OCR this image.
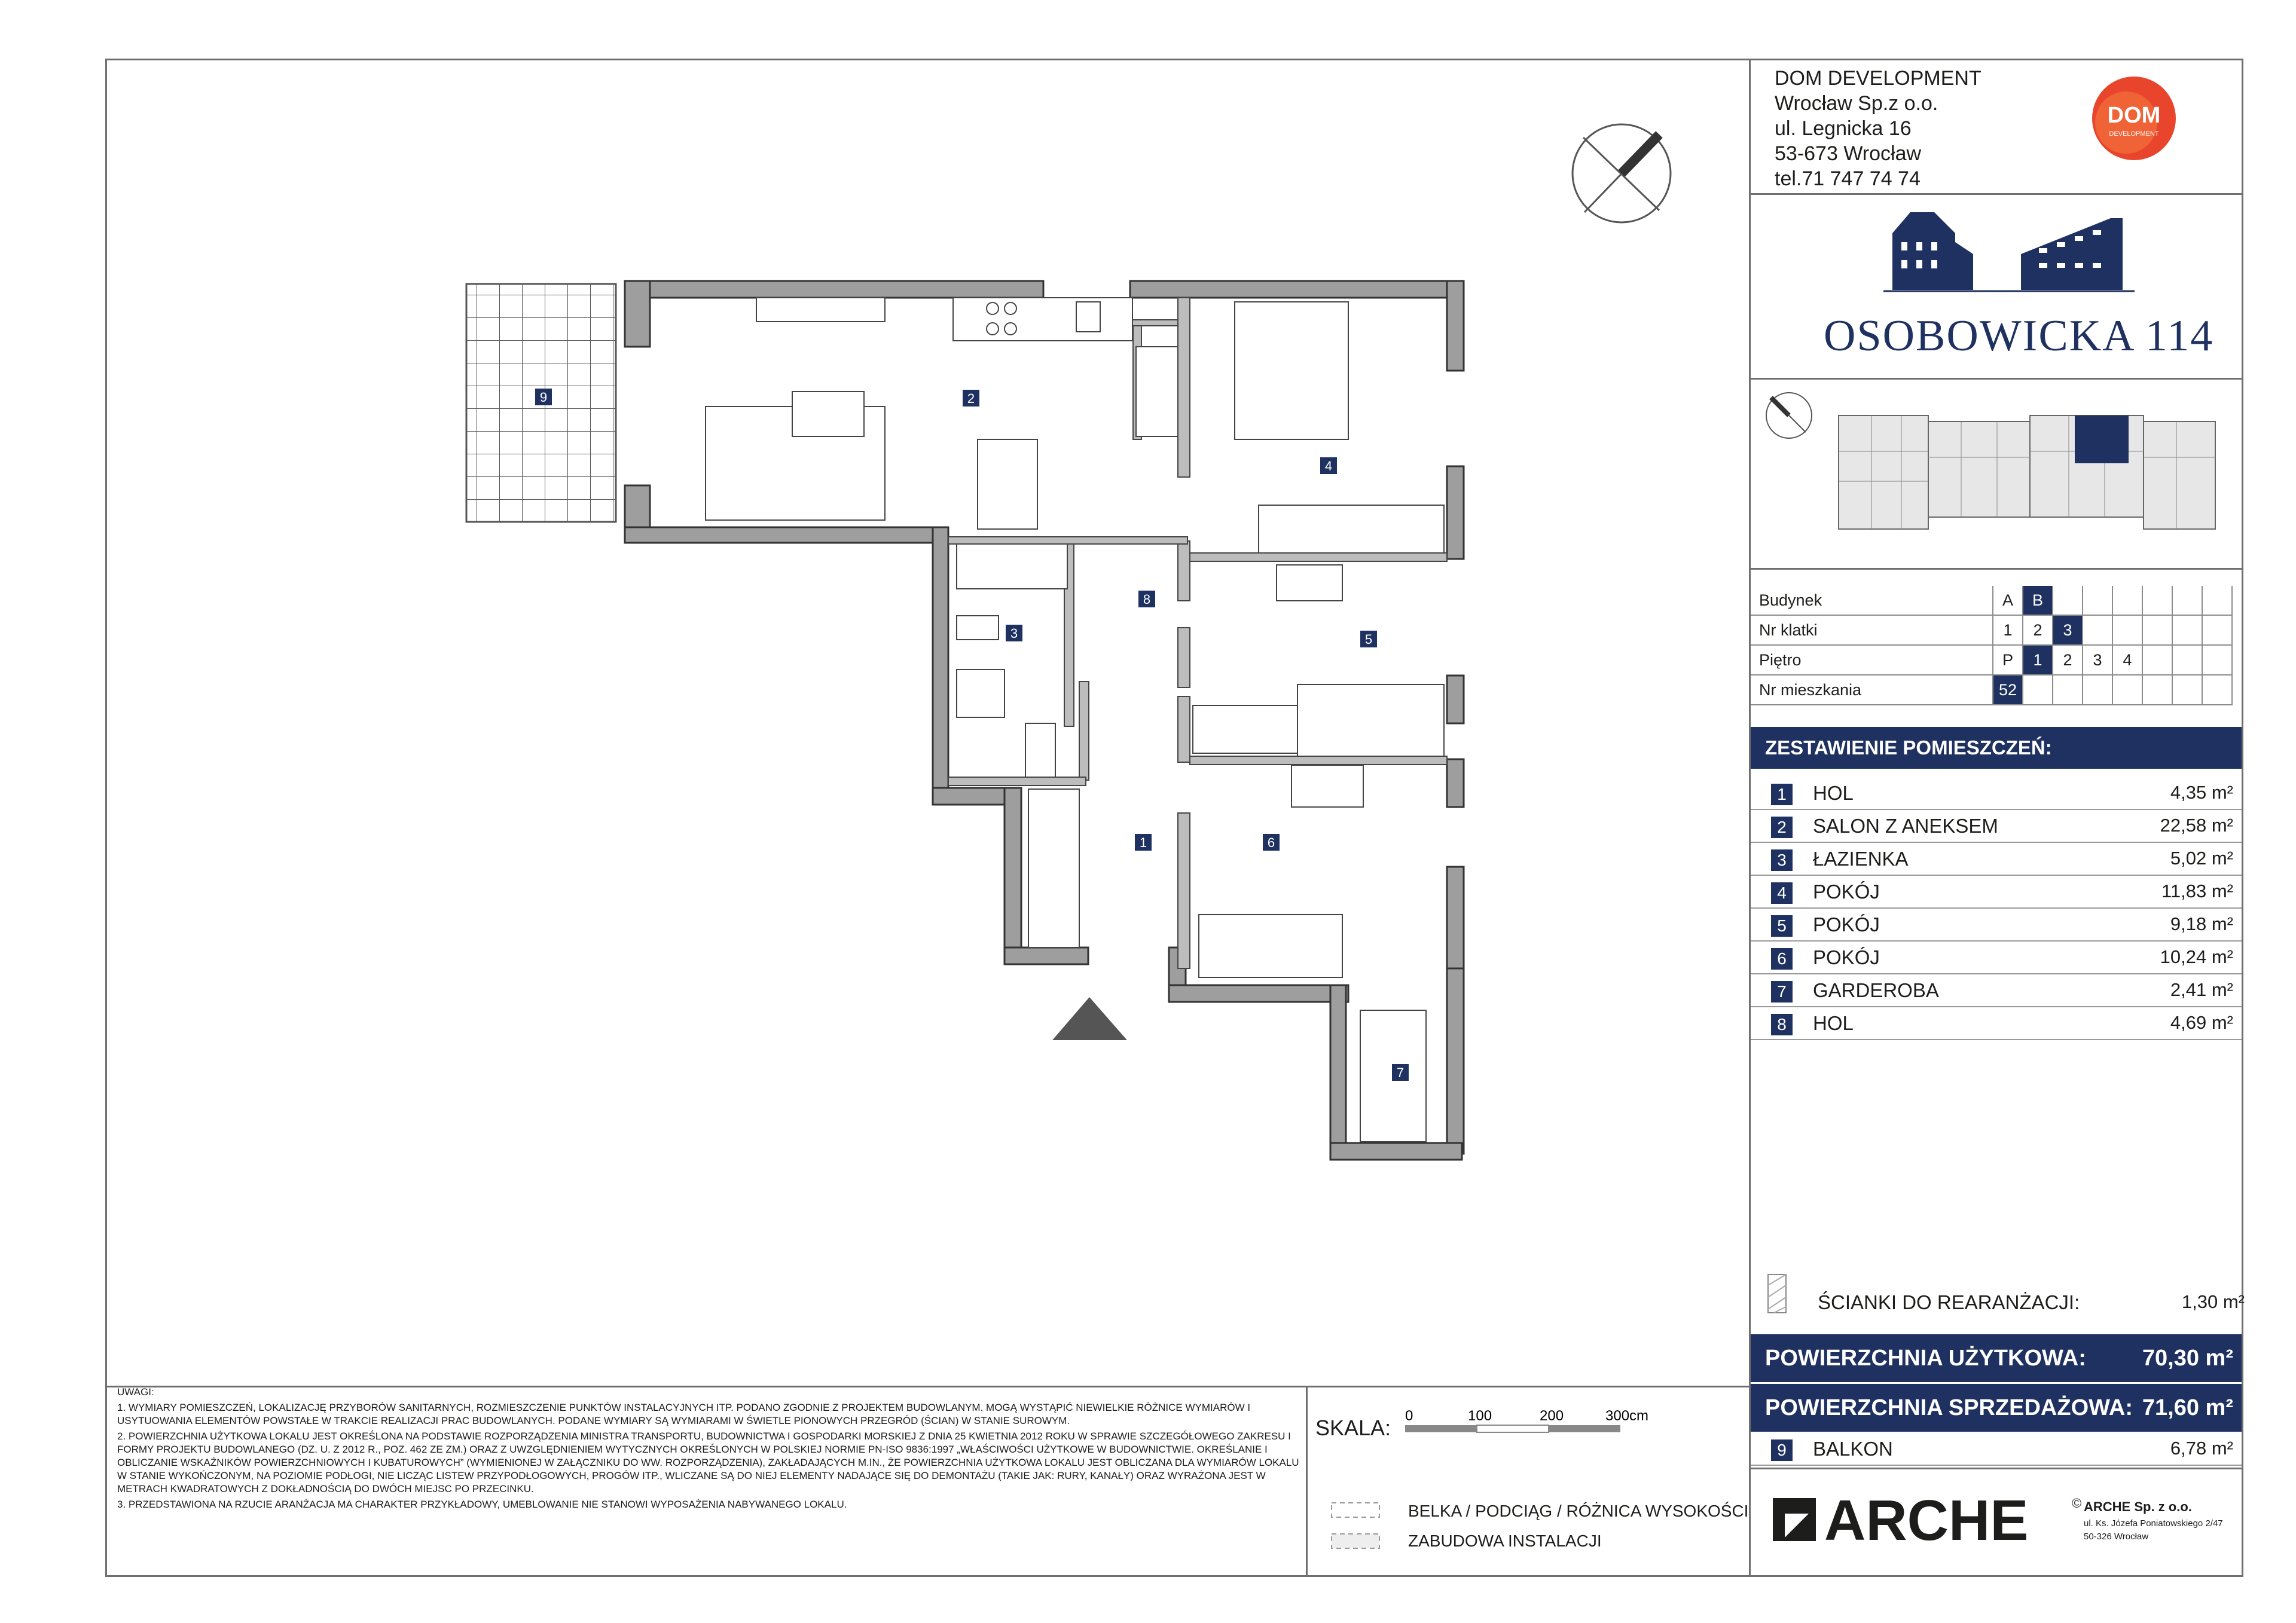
9	2
3
4
8
5
1	6
7
DOM DEVELOPMENT
Wrocław Sp.z o.o.
ul. Legnicka 16
53-673 Wrocław
tel.71 747 74 74
DOM
DEVELOPMENT
OSOBOWICKA 114
Budynek	A	B						
Nr klatki	1	2	3					
Piętro	P	1	2	3	4			
Nr mieszkania	52							
ZESTAWIENIE POMIESZCZEŃ:
1	HOL	4,35 m²
2	SALON Z ANEKSEM	22,58 m²
3	ŁAZIENKA	5,02 m²
4	POKÓJ	11,83 m²
5	POKÓJ	9,18 m²
6	POKÓJ	10,24 m²
7	GARDEROBA	2,41 m²
8	HOL	4,69 m²
ŚCIANKI DO REARANŻACJI:	1,30 m²
POWIERZCHNIA UŻYTKOWA: 70,30 m²
POWIERZCHNIA SPRZEDAŻOWA: 71,60 m²
9	BALKON	6,78 m²

UWAGI:

1. WYMIARY POMIESZCZEŃ, LOKALIZACJĘ PRZYBORÓW SANITARNYCH, ROZMIESZCZENIE PUNKTÓW INSTALACYJNYCH ITP. PODANO ZGODNIE Z PROJEKTEM BUDOWLANYM. MOGĄ WYSTĄPIĆ NIEWIELKIE RÓŻNICE WYMIARÓW I USYTUOWANIA ELEMENTÓW POWSTAŁE W TRAKCIE REALIZACJI PRAC BUDOWLANYCH. PODANE WYMIARY SĄ WYMIARAMI W ŚWIETLE PIONOWYCH PRZEGRÓD (ŚCIAN) W STANIE SUROWYM.

2. POWIERZCHNIA UŻYTKOWA LOKALU JEST OKREŚLONA NA PODSTAWIE ROZPORZĄDZENIA MINISTRA TRANSPORTU, BUDOWNICTWA I GOSPODARKI MORSKIEJ Z DNIA 25 KWIETNIA 2012 ROKU W SPRAWIE SZCZEGÓŁOWEGO ZAKRESU I FORMY PROJEKTU BUDOWLANEGO (DZ. U. Z 2012 R., POZ. 462 ZE ZM.) ORAZ Z UWZGLĘDNIENIEM WYTYCZNYCH OKREŚLONYCH W POLSKIEJ NORMIE PN-ISO 9836:1997 „WŁAŚCIWOŚCI UŻYTKOWE W BUDOWNICTWIE. OKREŚLANIE I OBLICZANIE WSKAŹNIKÓW POWIERZCHNIOWYCH I KUBATUROWYCH” (WYMIENIONEJ W ZAŁĄCZNIKU DO WW. ROZPORZĄDZENIA), ZAKŁADAJĄCYCH M.IN., ŻE POWIERZCHNIA UŻYTKOWA LOKALU JEST OBLICZANA DLA WYMIARÓW LOKALU W STANIE WYKOŃCZONYM, NA POZIOMIE PODŁOGI, NIE LICZĄC LISTEW PRZYPODŁOGOWYCH, PROGÓW ITP., WLICZANE SĄ DO NIEJ ELEMENTY NADAJĄCE SIĘ DO DEMONTAŻU (TAKIE JAK: RURY, KANAŁY) ORAZ WYRAŻONA JEST W METRACH KWADRATOWYCH Z DOKŁADNOŚCIĄ DO DWÓCH MIEJSC PO PRZECINKU.

3. PRZEDSTAWIONA NA RZUCIE ARANŻACJA MA CHARAKTER PRZYKŁADOWY, UMEBLOWANIE NIE STANOWI WYPOSAŻENIA NABYWANEGO LOKALU.

SKALA: 0	100	200	300cm
BELKA / PODCIĄG / RÓŻNICA WYSOKOŚCI
ZABUDOWA INSTALACJI	ARCHE	© ARCHE Sp. z o.o.
ul. Ks. Józefa Poniatowskiego 2/47
50-326 Wrocław
